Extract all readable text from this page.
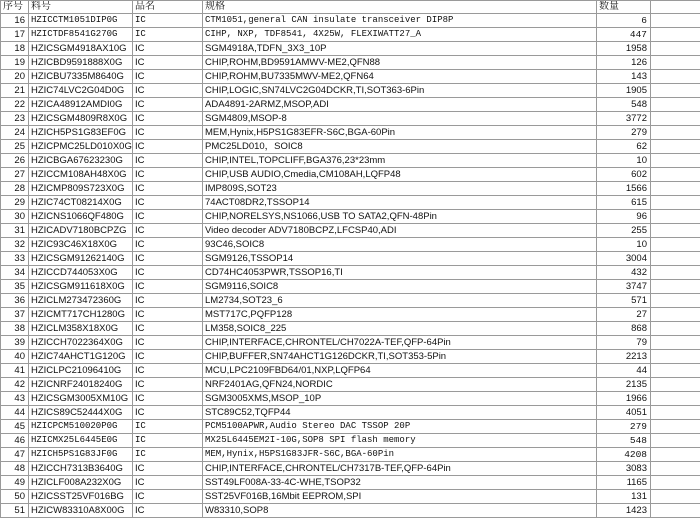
序号	料号	品名	规格	数量	
16	HZICCTM1051DIP0G	IC	CTM1051,general CAN insulate transceiver DIP8P	6	
17	HZICTDF8541G270G	IC	CIHP, NXP, TDF8541, 4X25W, FLEXIWATT27_A	447	
18	HZICSGM4918AX10G	IC	SGM4918A,TDFN_3X3_10P	1958	
19	HZICBD9591888X0G	IC	CHIP,ROHM,BD9591AMWV-ME2,QFN88	126	
20	HZICBU7335M8640G	IC	CHIP,ROHM,BU7335MWV-ME2,QFN64	143	
21	HZIC74LVC2G04D0G	IC	CHIP,LOGIC,SN74LVC2G04DCKR,TI,SOT363-6Pin	1905	
22	HZICA48912AMDI0G	IC	ADA4891-2ARMZ,MSOP,ADI	548	
23	HZICSGM4809R8X0G	IC	SGM4809,MSOP-8	3772	
24	HZICH5PS1G83EF0G	IC	MEM,Hynix,H5PS1G83EFR-S6C,BGA-60Pin	279	
25	HZICPMC25LD010X0G	IC	PMC25LD010，SOIC8	62	
26	HZICBGA67623230G	IC	CHIP,INTEL,TOPCLIFF,BGA376,23*23mm	10	
27	HZICCM108AH48X0G	IC	CHIP,USB AUDIO,Cmedia,CM108AH,LQFP48	602	
28	HZICMP809S723X0G	IC	IMP809S,SOT23	1566	
29	HZIC74CT08214X0G	IC	74ACT08DR2,TSSOP14	615	
30	HZICNS1066QF480G	IC	CHIP,NORELSYS,NS1066,USB TO SATA2,QFN-48Pin	96	
31	HZICADV7180BCPZG	IC	Video decoder ADV7180BCPZ,LFCSP40,ADI	255	
32	HZIC93C46X18X0G	IC	93C46,SOIC8	10	
33	HZICSGM91262140G	IC	SGM9126,TSSOP14	3004	
34	HZICCD744053X0G	IC	CD74HC4053PWR,TSSOP16,TI	432	
35	HZICSGM911618X0G	IC	SGM9116,SOIC8	3747	
36	HZICLM273472360G	IC	LM2734,SOT23_6	571	
37	HZICMT717CH1280G	IC	MST717C,PQFP128	27	
38	HZICLM358X18X0G	IC	LM358,SOIC8_225	868	
39	HZICCH7022364X0G	IC	CHIP,INTERFACE,CHRONTEL/CH7022A-TEF,QFP-64Pin	79	
40	HZIC74AHCT1G120G	IC	CHIP,BUFFER,SN74AHCT1G126DCKR,TI,SOT353-5Pin	2213	
41	HZICLPC21096410G	IC	MCU,LPC2109FBD64/01,NXP,LQFP64	44	
42	HZICNRF24018240G	IC	NRF2401AG,QFN24,NORDIC	2135	
43	HZICSGM3005XM10G	IC	SGM3005XMS,MSOP_10P	1966	
44	HZICS89C52444X0G	IC	STC89C52,TQFP44	4051	
45	HZICPCM510020P0G	IC	PCM5100APWR,Audio Stereo DAC TSSOP 20P	279	
46	HZICMX25L6445E0G	IC	MX25L6445EM2I-10G,SOP8 SPI flash memory	548	
47	HZICH5PS1G83JF0G	IC	MEM,Hynix,H5PS1G83JFR-S6C,BGA-60Pin	4208	
48	HZICCH7313B3640G	IC	CHIP,INTERFACE,CHRONTEL/CH7317B-TEF,QFP-64Pin	3083	
49	HZICLF008A232X0G	IC	SST49LF008A-33-4C-WHE,TSOP32	1165	
50	HZICSST25VF016BG	IC	SST25VF016B,16Mbit EEPROM,SPI	131	
51	HZICW83310A8X00G	IC	W83310,SOP8	1423	
